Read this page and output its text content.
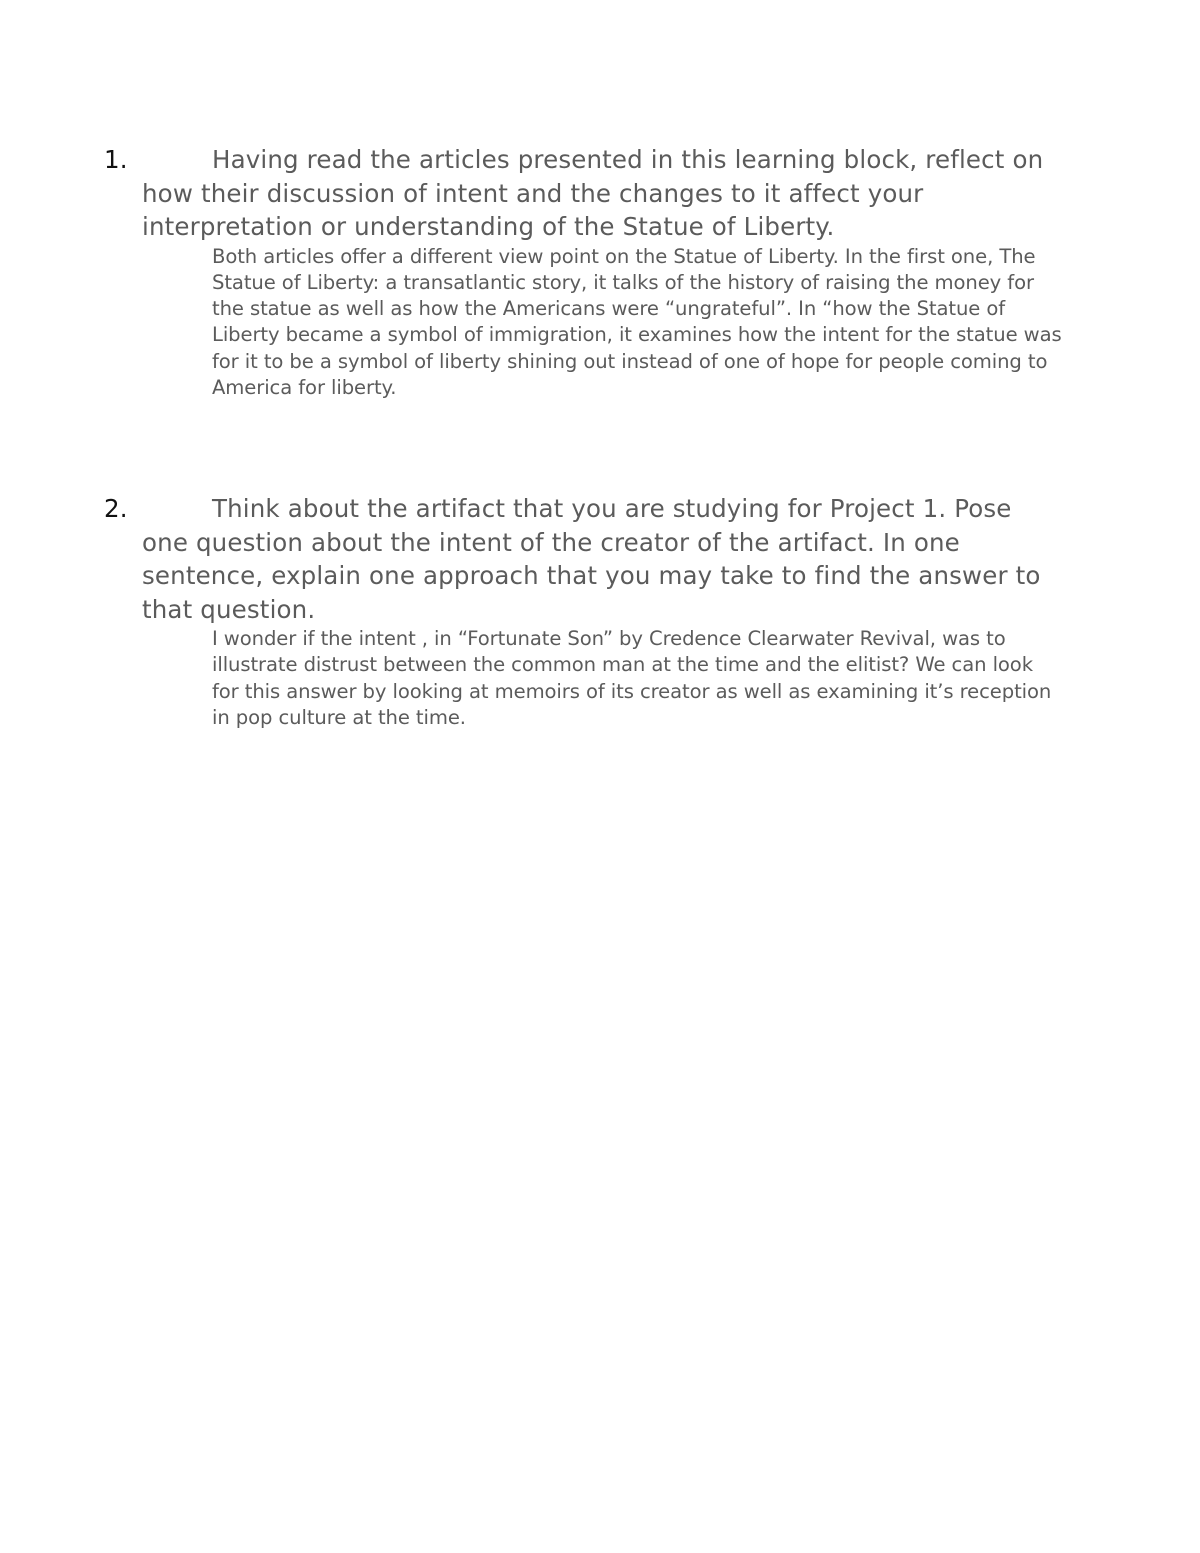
1.	Having read the articles presented in this learning block, reflect on how their discussion of intent and the changes to it affect your interpretation or understanding of the Statue of Liberty.

Both articles offer a different view point on the Statue of Liberty. In the first one, The Statue of Liberty: a transatlantic story, it talks of the history of raising the money for the statue as well as how the Americans were “ungrateful”. In “how the Statue of Liberty became a symbol of immigration, it examines how the intent for the statue was for it to be a symbol of liberty shining out instead of one of hope for people coming to America for liberty.

2.	Think about the artifact that you are studying for Project 1. Pose one question about the intent of the creator of the artifact. In one sentence, explain one approach that you may take to find the answer to that question.

I wonder if the intent , in “Fortunate Son” by Credence Clearwater Revival, was to illustrate distrust between the common man at the time and the elitist? We can look for this answer by looking at memoirs of its creator as well as examining it’s reception in pop culture at the time.
